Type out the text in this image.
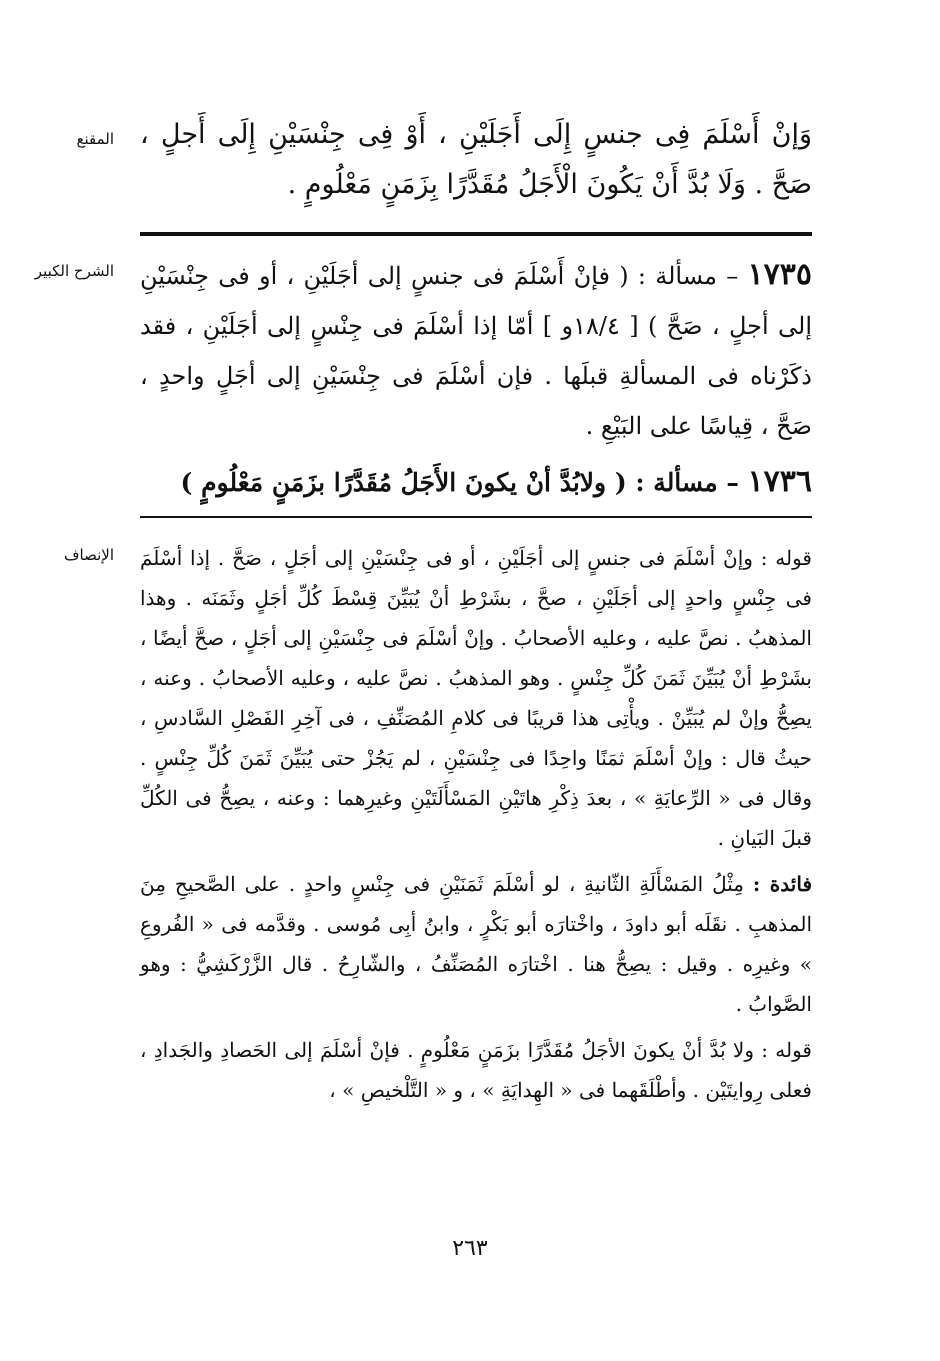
المقنع
الشرح الكبير
الإنصاف

وَإنْ أَسْلَمَ فِى جنسٍ إِلَى أَجَلَيْنِ ، أَوْ فِى جِنْسَيْنِ إِلَى أَجلٍ ، صَحَّ . وَلَا بُدَّ أَنْ يَكُونَ الْأَجَلُ مُقَدَّرًا بِزَمَنٍ مَعْلُومٍ .

١٧٣٥ – مسألة : ( فإنْ أَسْلَمَ فى جنسٍ إلى أجَلَيْنِ ، أو فى جِنْسَيْنِ إلى أجلٍ ، صَحَّ ) [ ١٨/٤و ] أمّا إذا أسْلَمَ فى جِنْسٍ إلى أجَلَيْنِ ، فقد ذكَرْناه فى المسألةِ قبلَها . فإن أسْلَمَ فى جِنْسَيْنِ إلى أجَلٍ واحدٍ ، صَحَّ ، قِياسًا على البَيْعِ .

١٧٣٦ – مسألة : ( ولابُدَّ أنْ يكونَ الأَجَلُ مُقَدَّرًا بزَمَنٍ مَعْلُومٍ )

قوله : وإنْ أسْلَمَ فى جنسٍ إلى أجَلَيْنِ ، أو فى جِنْسَيْنِ إلى أجَلٍ ، صَحَّ . إذا أسْلَمَ فى جِنْسٍ واحدٍ إلى أجَلَيْنِ ، صحَّ ، بشَرْطِ أنْ يُبَيِّنَ قِسْطَ كُلِّ أجَلٍ وثَمَنَه . وهذا المذهبُ . نصَّ عليه ، وعليه الأصحابُ . وإنْ أسْلَمَ فى جِنْسَيْنِ إلى أجَلٍ ، صحَّ أيضًا ، بشَرْطِ أنْ يُبَيِّنَ ثَمَنَ كُلِّ جِنْسٍ . وهو المذهبُ . نصَّ عليه ، وعليه الأصحابُ . وعنه ، يصِحُّ وإنْ لم يُبَيِّنْ . ويأْتِى هذا قريبًا فى كلامِ المُصَنِّفِ ، فى آخِرِ الفَصْلِ السَّادسِ ، حيثُ قال : وإنْ أسْلَمَ ثمَنًا واحِدًا فى جِنْسَيْنِ ، لم يَجُزْ حتى يُبَيِّنَ ثَمَنَ كُلِّ جِنْسٍ . وقال فى « الرِّعايَةِ » ، بعدَ ذِكْرِ هاتَيْنِ المَسْأَلَتَيْنِ وغيرِهما : وعنه ، يصِحُّ فى الكُلِّ قبلَ البَيانِ .

فائدة : مِثْلُ المَسْأَلَةِ الثّانيةِ ، لو أسْلَمَ ثَمَنَيْنِ فى جِنْسٍ واحدٍ . على الصَّحيحِ مِنَ المذهبِ . نقَلَه أبو داودَ ، واخْتارَه أبو بَكْرٍ ، وابنُ أبِى مُوسى . وقدَّمه فى « الفُروعِ » وغيرِه . وقيل : يصِحُّ هنا . اخْتارَه المُصَنِّفُ ، والشّارِحُ . قال الزَّرْكَشِيُّ : وهو الصَّوابُ .

قوله : ولا بُدَّ أنْ يكونَ الأجَلُ مُقَدَّرًا بزَمَنٍ مَعْلُومٍ . فإنْ أسْلَمَ إلى الحَصادِ والجَدادِ ، فعلى رِوايتَيْن . وأطْلَقَهما فى « الهِدايَةِ » ، و « التَّلْخيصِ » ،

٢٦٣
